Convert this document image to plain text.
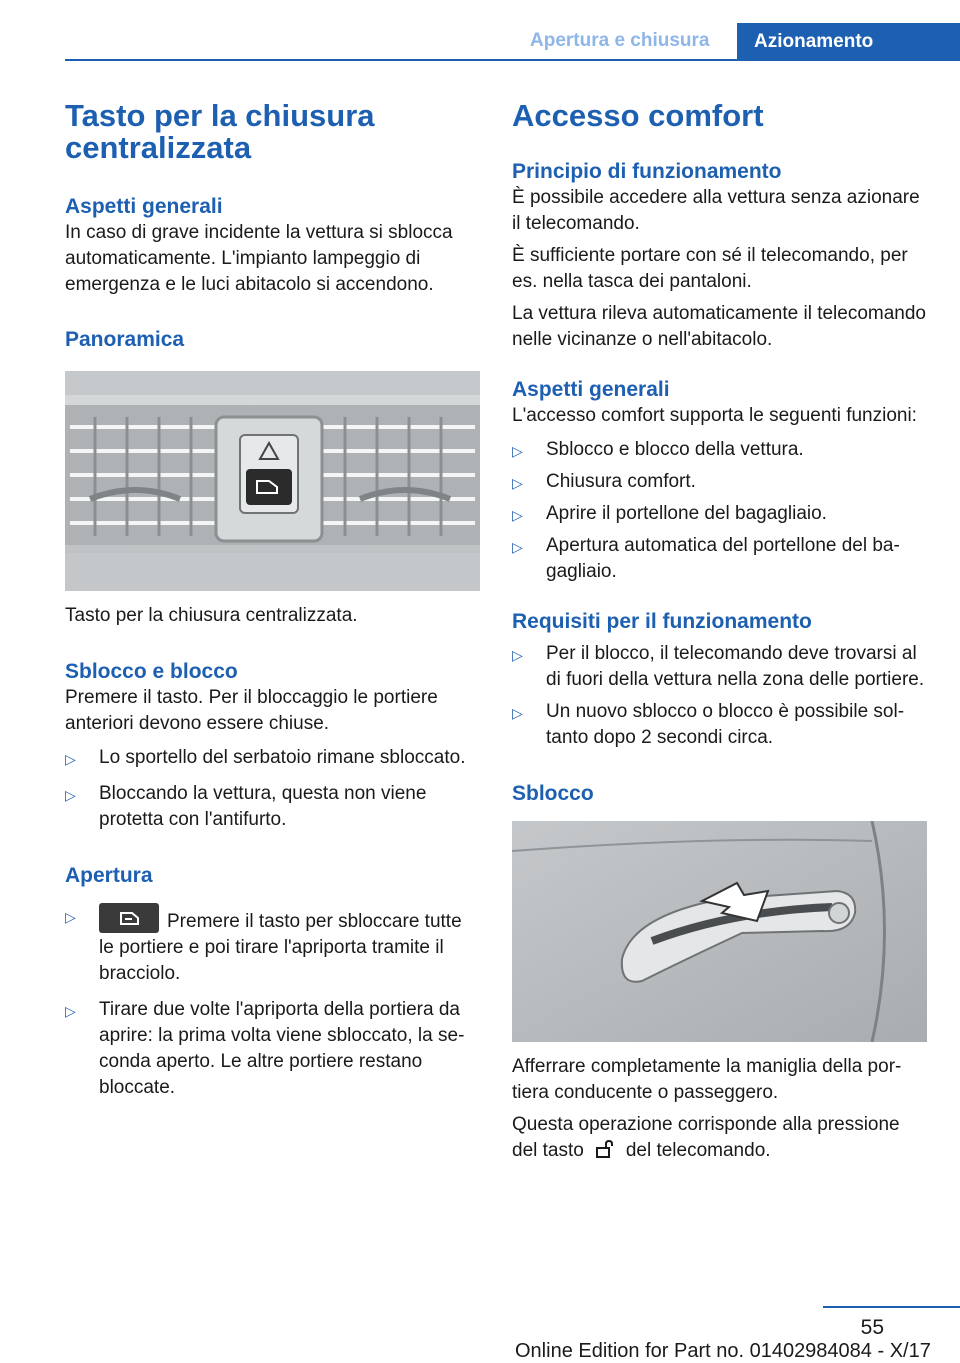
Apertura e chiusura Azionamento
Tasto per la chiusura centralizzata
Aspetti generali

In caso di grave incidente la vettura si sblocca automaticamente. L'impianto lampeggio di emergenza e le luci abitacolo si accendono.

Panoramica

Tasto per la chiusura centralizzata.

Sblocco e blocco

Premere il tasto. Per il bloccaggio le portiere anteriori devono essere chiuse.

▷ Lo sportello del serbatoio rimane sbloccato.
▷ Bloccando la vettura, questa non viene protetta con l'antifurto.
Apertura
▷	Premere il tasto per sbloccare tutte le portiere e poi tirare l'apriporta tramite il bracciolo.
▷ Tirare due volte l'apriporta della portiera da aprire: la prima volta viene sbloccato, la seconda aperto. Le altre portiere restano bloccate.
Accesso comfort
Principio di funzionamento

È possibile accedere alla vettura senza azionare il telecomando.

È sufficiente portare con sé il telecomando, per es. nella tasca dei pantaloni.

La vettura rileva automaticamente il telecomando nelle vicinanze o nell'abitacolo.

Aspetti generali

L'accesso comfort supporta le seguenti funzioni:

▷ Sblocco e blocco della vettura.
▷ Chiusura comfort.
▷ Aprire il portellone del bagagliaio.
▷ Apertura automatica del portellone del bagagliaio.
Requisiti per il funzionamento
▷ Per il blocco, il telecomando deve trovarsi al di fuori della vettura nella zona delle portiere.
▷ Un nuovo sblocco o blocco è possibile soltanto dopo 2 secondi circa.
Sblocco

Afferrare completamente la maniglia della portiera conducente o passeggero.

Questa operazione corrisponde alla pressione del tasto del telecomando.

55
Online Edition for Part no. 01402984084 - X/17
